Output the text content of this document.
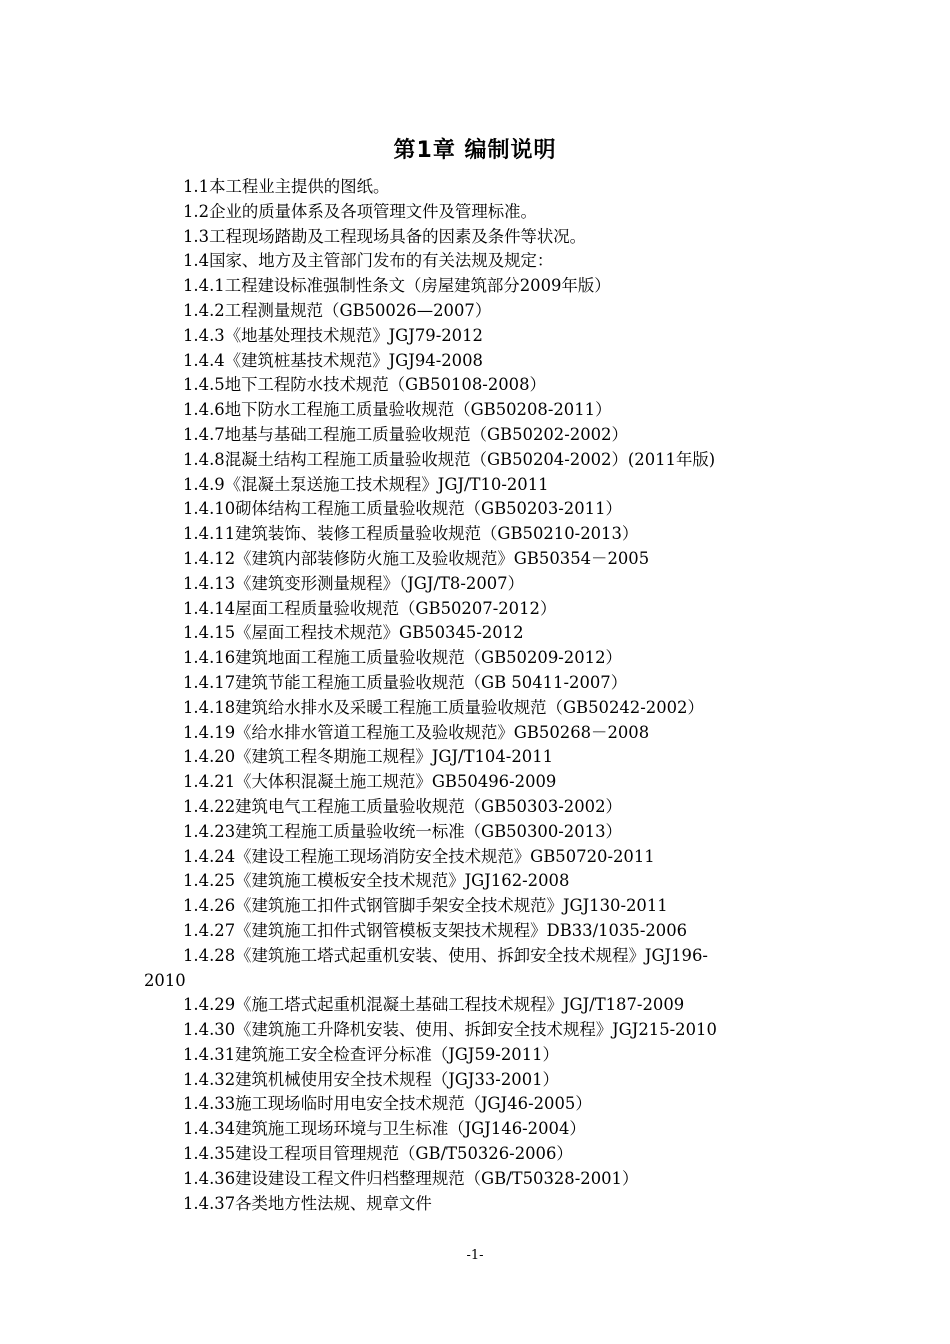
第1章 编制说明
1.1本工程业主提供的图纸。
1.2企业的质量体系及各项管理文件及管理标准。
1.3工程现场踏勘及工程现场具备的因素及条件等状况。
1.4国家、地方及主管部门发布的有关法规及规定：
1.4.1工程建设标准强制性条文（房屋建筑部分2009年版）
1.4.2工程测量规范（GB50026—2007）
1.4.3《地基处理技术规范》JGJ79-2012
1.4.4《建筑桩基技术规范》JGJ94-2008
1.4.5地下工程防水技术规范（GB50108-2008）
1.4.6地下防水工程施工质量验收规范（GB50208-2011）
1.4.7地基与基础工程施工质量验收规范（GB50202-2002）
1.4.8混凝土结构工程施工质量验收规范（GB50204-2002）(2011年版)
1.4.9《混凝土泵送施工技术规程》JGJ/T10-2011
1.4.10砌体结构工程施工质量验收规范（GB50203-2011）
1.4.11建筑装饰、装修工程质量验收规范（GB50210-2013）
1.4.12《建筑内部装修防火施工及验收规范》GB50354－2005
1.4.13《建筑变形测量规程》（JGJ/T8-2007）
1.4.14屋面工程质量验收规范（GB50207-2012）
1.4.15《屋面工程技术规范》GB50345-2012
1.4.16建筑地面工程施工质量验收规范（GB50209-2012）
1.4.17建筑节能工程施工质量验收规范（GB 50411-2007）
1.4.18建筑给水排水及采暖工程施工质量验收规范（GB50242-2002）
1.4.19《给水排水管道工程施工及验收规范》GB50268－2008
1.4.20《建筑工程冬期施工规程》JGJ/T104-2011
1.4.21《大体积混凝土施工规范》GB50496-2009
1.4.22建筑电气工程施工质量验收规范（GB50303-2002）
1.4.23建筑工程施工质量验收统一标准（GB50300-2013）
1.4.24《建设工程施工现场消防安全技术规范》GB50720-2011
1.4.25《建筑施工模板安全技术规范》JGJ162-2008
1.4.26《建筑施工扣件式钢管脚手架安全技术规范》JGJ130-2011
1.4.27《建筑施工扣件式钢管模板支架技术规程》DB33/1035-2006
1.4.28《建筑施工塔式起重机安装、使用、拆卸安全技术规程》JGJ196-
2010
1.4.29《施工塔式起重机混凝土基础工程技术规程》JGJ/T187-2009
1.4.30《建筑施工升降机安装、使用、拆卸安全技术规程》JGJ215-2010
1.4.31建筑施工安全检查评分标准（JGJ59-2011）
1.4.32建筑机械使用安全技术规程（JGJ33-2001）
1.4.33施工现场临时用电安全技术规范（JGJ46-2005）
1.4.34建筑施工现场环境与卫生标准（JGJ146-2004）
1.4.35建设工程项目管理规范（GB/T50326-2006）
1.4.36建设建设工程文件归档整理规范（GB/T50328-2001）
1.4.37各类地方性法规、规章文件
-1-
